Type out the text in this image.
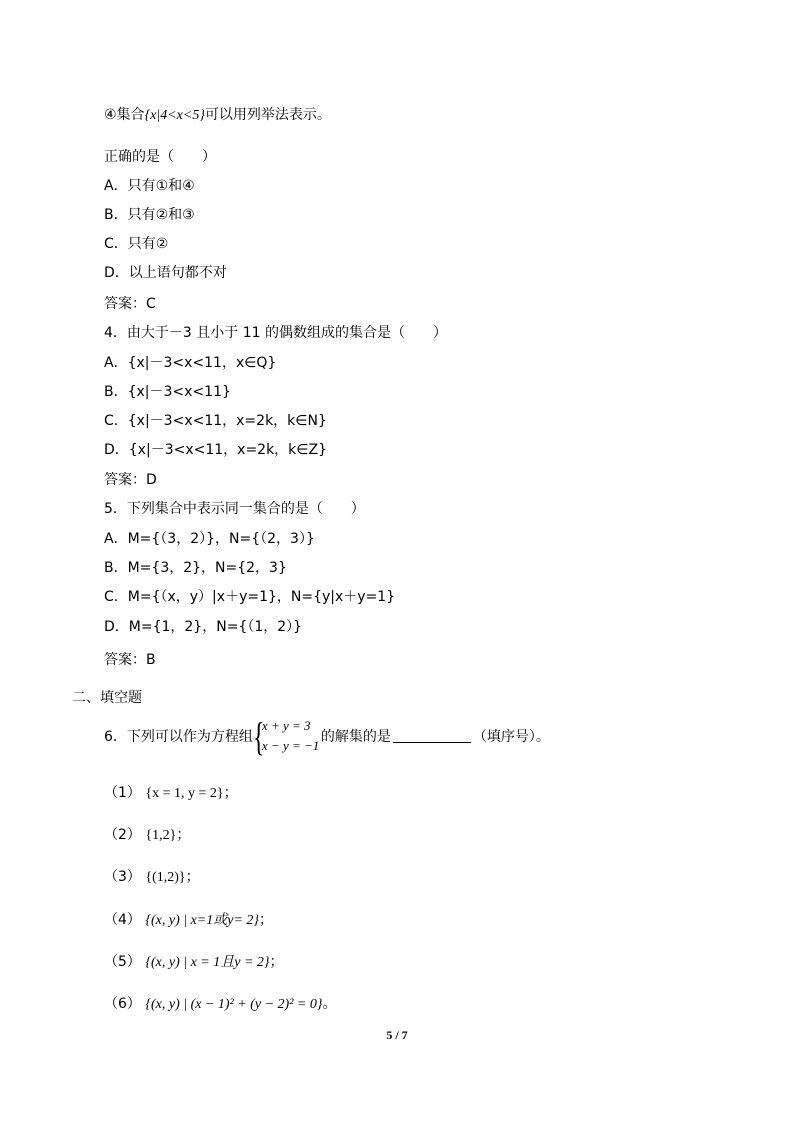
④集合{x|4<x<5}可以用列举法表示。
正确的是（　　）
A．只有①和④
B．只有②和③
C．只有②
D．以上语句都不对
答案：C
4．由大于－3 且小于 11 的偶数组成的集合是（　　）
A．{x|－3<x<11，x∈Q}
B．{x|－3<x<11}
C．{x|－3<x<11，x=2k，k∈N}
D．{x|－3<x<11，x=2k，k∈Z}
答案：D
5．下列集合中表示同一集合的是（　　）
A．M={（3，2）}，N={（2，3）}
B．M={3，2}，N={2，3}
C．M={（x，y）|x＋y=1}，N={y|x＋y=1}
D．M={1，2}，N={（1，2）}
答案：B
二、填空题
6．下列可以作为方程组 {
x + y = 3
x − y = −1
的解集的是	（填序号）。
（1） {x = 1, y = 2}；
（2） {1,2}；
（3） {(1,2)}；
（4） {(x, y) | x=1或y= 2}；
（5） {(x, y) | x = 1且y = 2}；
（6） {(x, y) | (x − 1)² + (y − 2)² = 0}。
5 / 7
